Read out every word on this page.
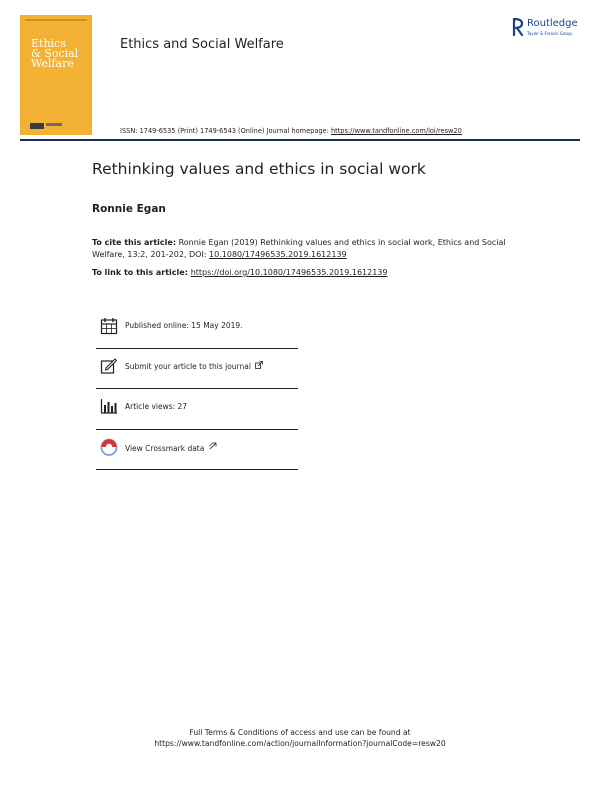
Ethics
& Social
Welfare
Ethics and Social Welfare
Routledge
Taylor & Francis Group
ISSN: 1749-6535 (Print) 1749-6543 (Online) Journal homepage: https://www.tandfonline.com/loi/resw20
Rethinking values and ethics in social work
Ronnie Egan
To cite this article: Ronnie Egan (2019) Rethinking values and ethics in social work, Ethics and Social Welfare, 13:2, 201-202, DOI: 10.1080/17496535.2019.1612139
To link to this article: https://doi.org/10.1080/17496535.2019.1612139
Published online: 15 May 2019.
Submit your article to this journal
Article views: 27
View Crossmark data
Full Terms & Conditions of access and use can be found at
https://www.tandfonline.com/action/journalInformation?journalCode=resw20
